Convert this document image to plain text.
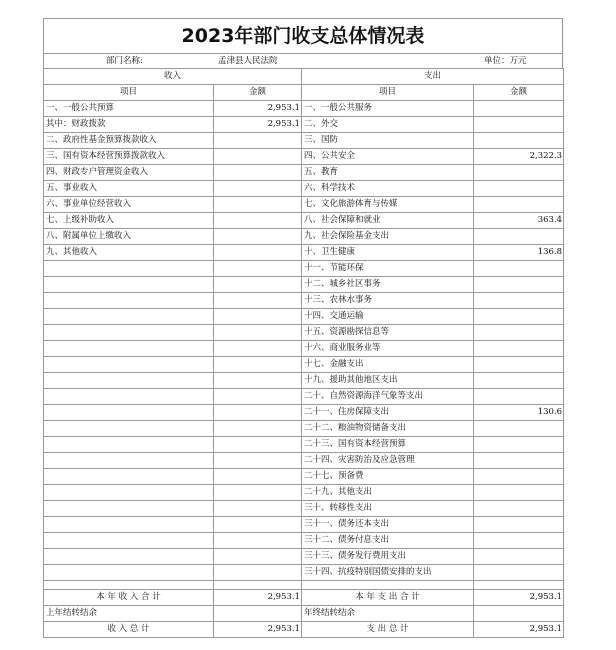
2023年部门收支总体情况表
部门名称:	孟津县人民法院	单位：万元
收入		支出	
项目	金额	项目	金额
一、一般公共预算	2,953.1	一、一般公共服务	
其中：财政拨款	2,953.1	二、外交	
二、政府性基金预算拨款收入		三、国防	
三、国有资本经营预算拨款收入		四、公共安全	2,322.3
四、财政专户管理资金收入		五、教育	
五、事业收入		六、科学技术	
六、事业单位经营收入		七、文化旅游体育与传媒	
七、上级补助收入		八、社会保障和就业	363.4
八、附属单位上缴收入		九、社会保险基金支出	
九、其他收入		十、卫生健康	136.8
		十一、节能环保	
		十二、城乡社区事务	
		十三、农林水事务	
		十四、交通运输	
		十五、资源勘探信息等	
		十六、商业服务业等	
		十七、金融支出	
		十九、援助其他地区支出	
		二十、自然资源海洋气象等支出	
		二十一、住房保障支出	130.6
		二十二、粮油物资储备支出	
		二十三、国有资本经营预算	
		二十四、灾害防治及应急管理	
		二十七、预备费	
		二十九、其他支出	
		三十、转移性支出	
		三十一、债务还本支出	
		三十二、债务付息支出	
		三十三、债务发行费用支出	
		三十四、抗疫特别国债安排的支出	

本 年 收 入 合 计	2,953.1	本 年 支 出 合 计	2,953.1
上年结转结余		年终结转结余	
收 入 总 计	2,953.1	支 出 总 计	2,953.1
